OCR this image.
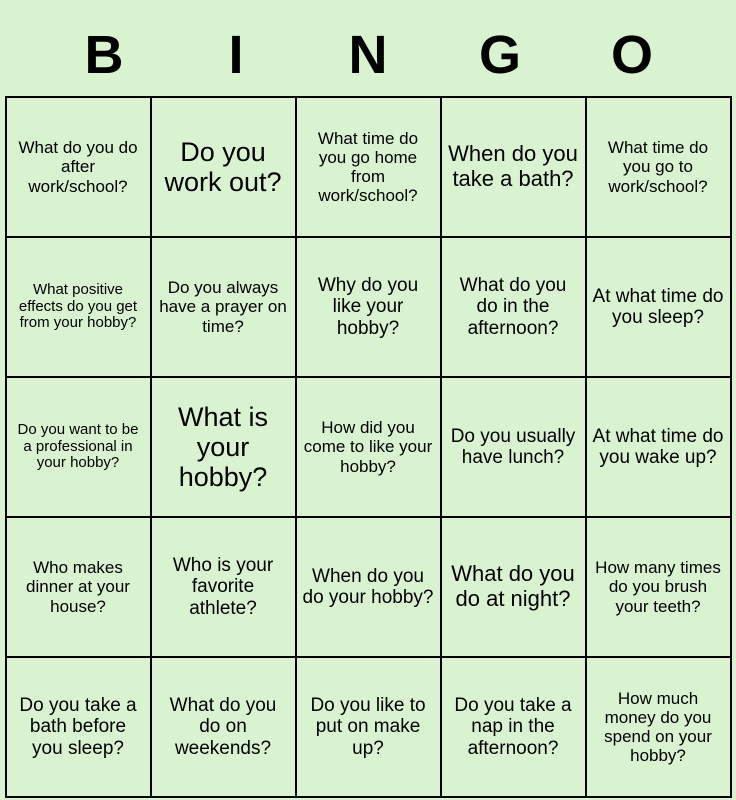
B	I	N	G	O
What do you do after work/school?	Do you work out?	What time do you go home from work/school?	When do you take a bath?	What time do you go to work/school?
What positive effects do you get from your hobby?	Do you always have a prayer on time?	Why do you like your hobby?	What do you do in the afternoon?	At what time do you sleep?
Do you want to be a professional in your hobby?	What is your hobby?	How did you come to like your hobby?	Do you usually have lunch?	At what time do you wake up?
Who makes dinner at your house?	Who is your favorite athlete?	When do you do your hobby?	What do you do at night?	How many times do you brush your teeth?
Do you take a bath before you sleep?	What do you do on weekends?	Do you like to put on make up?	Do you take a nap in the afternoon?	How much money do you spend on your hobby?
